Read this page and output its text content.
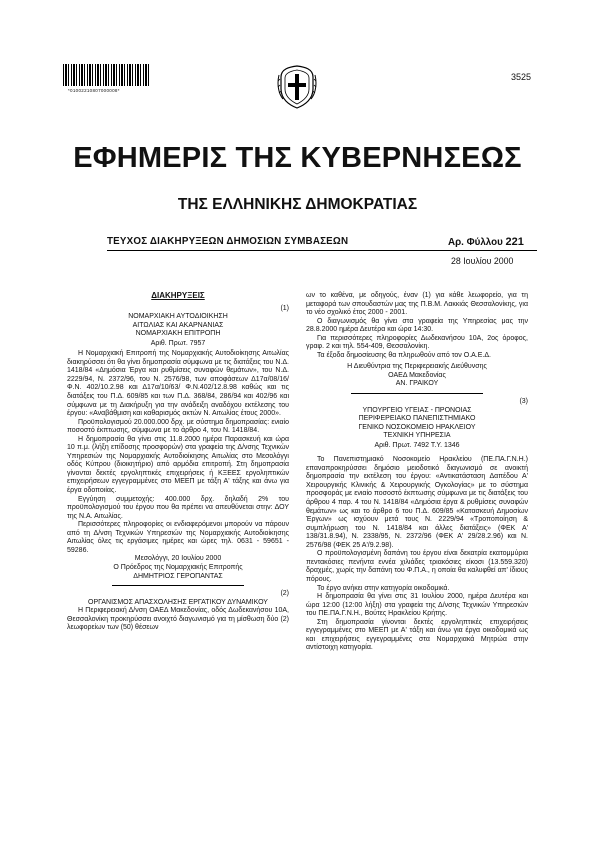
*01002210807000008*
3525
ΕΦΗΜΕΡΙΣ ΤΗΣ ΚΥΒΕΡΝΗΣΕΩΣ
ΤΗΣ ΕΛΛΗΝΙΚΗΣ ΔΗΜΟΚΡΑΤΙΑΣ
ΤΕΥΧΟΣ ΔΙΑΚΗΡΥΞΕΩΝ ΔΗΜΟΣΙΩΝ ΣΥΜΒΑΣΕΩΝ	Αρ. Φύλλου 221
28 Ιουλίου 2000

ΔΙΑΚΗΡΥΞΕΙΣ

(1)

ΝΟΜΑΡΧΙΑΚΗ ΑΥΤΟΔΙΟΙΚΗΣΗ

ΑΙΤΩΛΙΑΣ ΚΑΙ ΑΚΑΡΝΑΝΙΑΣ

ΝΟΜΑΡΧΙΑΚΗ ΕΠΙΤΡΟΠΗ

Αριθ. Πρωτ. 7957

Η Νομαρχιακή Επιτροπή της Νομαρχιακής Αυτοδιοίκησης Αιτωλίας διακηρύσσει ότι θα γίνει δημοπρασία σύμφωνα με τις διατάξεις του Ν.Δ. 1418/84 «Δημόσια Έργα και ρυθμίσεις συναφών θεμάτων», του Ν.Δ. 2229/94, Ν. 2372/96, του Ν. 2576/98, των αποφάσεων Δ17α/08/16/Φ.Ν. 402/10.2.98 και Δ17α/10/63/ Φ.Ν.402/12.8.98 καθώς και τις διατάξεις του Π.Δ. 609/85 και των Π.Δ. 368/84, 286/94 και 402/96 και σύμφωνα με τη Διακήρυξη για την ανάδειξη αναδόχου εκτέλεσης του έργου: «Αναβάθμιση και καθαρισμός ακτών Ν. Αιτωλίας έτους 2000».

Προϋπολογισμού 20.000.000 δρχ. με σύστημα δημοπρασίας: ενιαίο ποσοστό έκπτωσης, σύμφωνα με το άρθρο 4, του Ν. 1418/84.

Η δημοπρασία θα γίνει στις 11.8.2000 ημέρα Παρασκευή και ώρα 10 π.μ. (λήξη επίδοσης προσφορών) στα γραφεία της Δ/νσης Τεχνικών Υπηρεσιών της Νομαρχιακής Αυτοδιοίκησης Αιτωλίας στο Μεσολόγγι οδός Κύπρου (διοικητήριο) από αρμόδια επιτροπή. Στη δημοπρασία γίνονται δεκτές εργοληπτικές επιχειρήσεις ή ΚΞΕΕΣ εργοληπτικών επιχειρήσεων εγγεγραμμένες στο ΜΕΕΠ με τάξη Α' τάξης και άνω για έργα οδοποιίας.

Εγγύηση συμμετοχής: 400.000 δρχ. δηλαδή 2% του προϋπολογισμού του έργου που θα πρέπει να απευθύνεται στην: ΔΟΥ της Ν.Α. Αιτωλίας.

Περισσότερες πληροφορίες οι ενδιαφερόμενοι μπορούν να πάρουν από τη Δ/νση Τεχνικών Υπηρεσιών της Νομαρχιακής Αυτοδιοίκησης Αιτωλίας όλες τις εργάσιμες ημέρες και ώρες τηλ. 0631 - 59651 - 59286.

Μεσολόγγι, 20 Ιουλίου 2000

Ο Πρόεδρος της Νομαρχιακής Επιτροπής

ΔΗΜΗΤΡΙΟΣ ΓΕΡΟΠΑΝΤΑΣ

(2)

ΟΡΓΑΝΙΣΜΟΣ ΑΠΑΣΧΟΛΗΣΗΣ ΕΡΓΑΤΙΚΟΥ ΔΥΝΑΜΙΚΟΥ

Η Περιφερειακή Δ/νση ΟΑΕΔ Μακεδονίας, οδός Δωδεκανήσου 10Α, Θεσσαλονίκη προκηρύσσει ανοιχτό διαγωνισμό για τη μίσθωση δύο (2) λεωφορείων των (50) θέσεων

ων το καθένα, με οδηγούς, έναν (1) για κάθε λεωφορείο, για τη μεταφορά των σπουδαστών μας της Π.Β.Μ. Λακκιάς Θεσσαλονίκης, για το νέο σχολικό έτος 2000 - 2001.

Ο διαγωνισμός θα γίνει στα γραφεία της Υπηρεσίας μας την 28.8.2000 ημέρα Δευτέρα και ώρα 14:30.

Για περισσότερες πληροφορίες Δωδεκανήσου 10Α, 2ος όροφος, γραφ. 2 και τηλ. 554-409, Θεσσαλονίκη.

Τα έξοδα δημοσίευσης θα πληρωθούν από τον Ο.Α.Ε.Δ.

Η Διευθύντρια της Περιφερειακής Διεύθυνσης

ΟΑΕΔ Μακεδονίας

ΑΝ. ΓΡΑΙΚΟΥ

(3)

ΥΠΟΥΡΓΕΙΟ ΥΓΕΙΑΣ - ΠΡΟΝΟΙΑΣ

ΠΕΡΙΦΕΡΕΙΑΚΟ ΠΑΝΕΠΙΣΤΗΜΙΑΚΟ

ΓΕΝΙΚΟ ΝΟΣΟΚΟΜΕΙΟ ΗΡΑΚΛΕΙΟΥ

ΤΕΧΝΙΚΗ ΥΠΗΡΕΣΙΑ

Αριθ. Πρωτ. 7492 Τ.Υ. 1346

Το Πανεπιστημιακό Νοσοκομείο Ηρακλείου (ΠΕ.ΠΑ.Γ.Ν.Η.) επαναπροκηρύσσει δημόσιο μειοδοτικό διαγωνισμό σε ανοικτή δημοπρασία την εκτέλεση του έργου: «Αντικατάσταση Δαπέδου Α' Χειρουργικής Κλινικής & Χειρουργικής Ογκολογίας» με το σύστημα προσφοράς με ενιαίο ποσοστό έκπτωσης σύμφωνα με τις διατάξεις του άρθρου 4 παρ. 4 του Ν. 1418/84 «Δημόσια έργα & ρυθμίσεις συναφών θεμάτων» ως και το άρθρο 6 του Π.Δ. 609/85 «Κατασκευή Δημοσίων Έργων» ως ισχύουν μετά τους Ν. 2229/94 «Τροποποίηση & συμπλήρωση του Ν. 1418/84 και άλλες διατάξεις» (ΦΕΚ Α' 138/31.8.94), Ν. 2338/95, Ν. 2372/96 (ΦΕΚ Α' 29/28.2.96) και Ν. 2576/98 (ΦΕΚ 25 Α'/9.2.98).

Ο προϋπολογισμένη δαπάνη του έργου είναι δεκατρία εκατομμύρια πεντακόσιες πενήντα εννέα χιλιάδες τριακόσιες είκοσι (13.559.320) δραχμές, χωρίς την δαπάνη του Φ.Π.Α., η οποία θα καλυφθεί απ' ίδιους πόρους.

Το έργο ανήκει στην κατηγορία οικοδομικά.

Η δημοπρασία θα γίνει στις 31 Ιουλίου 2000, ημέρα Δευτέρα και ώρα 12:00 (12:00 λήξη) στα γραφεία της Δ/νσης Τεχνικών Υπηρεσιών του ΠΕ.ΠΑ.Γ.Ν.Η., Βούτες Ηρακλείου Κρήτης.

Στη δημοπρασία γίνονται δεκτές εργοληπτικές επιχειρήσεις εγγεγραμμένες στο ΜΕΕΠ με Α' τάξη και άνω για έργα οικοδομικά ως και επιχειρήσεις εγγεγραμμένες στα Νομαρχιακά Μητρώα στην αντίστοιχη κατηγορία.
